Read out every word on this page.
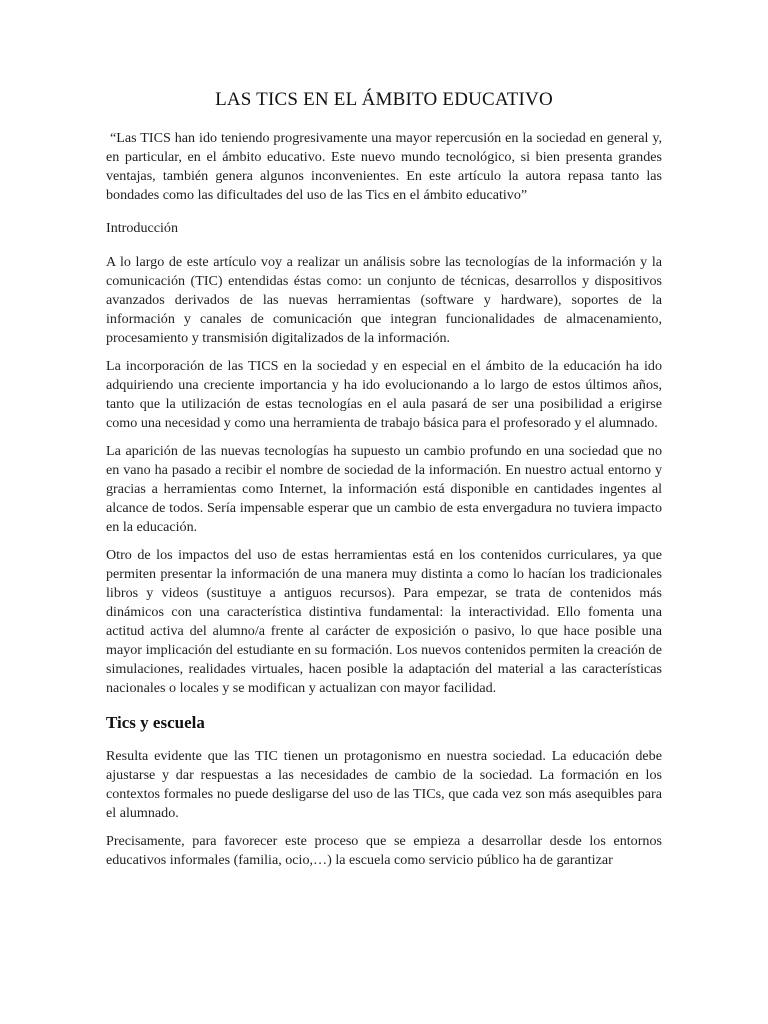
LAS TICS EN EL ÁMBITO EDUCATIVO

“Las TICS han ido teniendo progresivamente una mayor repercusión en la sociedad en general y, en particular, en el ámbito educativo. Este nuevo mundo tecnológico, si bien presenta grandes ventajas, también genera algunos inconvenientes. En este artículo la autora repasa tanto las bondades como las dificultades del uso de las Tics en el ámbito educativo”

Introducción

A lo largo de este artículo voy a realizar un análisis sobre las tecnologías de la información y la comunicación (TIC) entendidas éstas como: un conjunto de técnicas, desarrollos y dispositivos avanzados derivados de las nuevas herramientas (software y hardware), soportes de la información y canales de comunicación que integran funcionalidades de almacenamiento, procesamiento y transmisión digitalizados de la información.

La incorporación de las TICS en la sociedad y en especial en el ámbito de la educación ha ido adquiriendo una creciente importancia y ha ido evolucionando a lo largo de estos últimos años, tanto que la utilización de estas tecnologías en el aula pasará de ser una posibilidad a erigirse como una necesidad y como una herramienta de trabajo básica para el profesorado y el alumnado.

La aparición de las nuevas tecnologías ha supuesto un cambio profundo en una sociedad que no en vano ha pasado a recibir el nombre de sociedad de la información. En nuestro actual entorno y gracias a herramientas como Internet, la información está disponible en cantidades ingentes al alcance de todos. Sería impensable esperar que un cambio de esta envergadura no tuviera impacto en la educación.

Otro de los impactos del uso de estas herramientas está en los contenidos curriculares, ya que permiten presentar la información de una manera muy distinta a como lo hacían los tradicionales libros y videos (sustituye a antiguos recursos). Para empezar, se trata de contenidos más dinámicos con una característica distintiva fundamental: la interactividad. Ello fomenta una actitud activa del alumno/a frente al carácter de exposición o pasivo, lo que hace posible una mayor implicación del estudiante en su formación. Los nuevos contenidos permiten la creación de simulaciones, realidades virtuales, hacen posible la adaptación del material a las características nacionales o locales y se modifican y actualizan con mayor facilidad.

Tics y escuela

Resulta evidente que las TIC tienen un protagonismo en nuestra sociedad. La educación debe ajustarse y dar respuestas a las necesidades de cambio de la sociedad. La formación en los contextos formales no puede desligarse del uso de las TICs, que cada vez son más asequibles para el alumnado.

Precisamente, para favorecer este proceso que se empieza a desarrollar desde los entornos educativos informales (familia, ocio,…) la escuela como servicio público ha de garantizar
